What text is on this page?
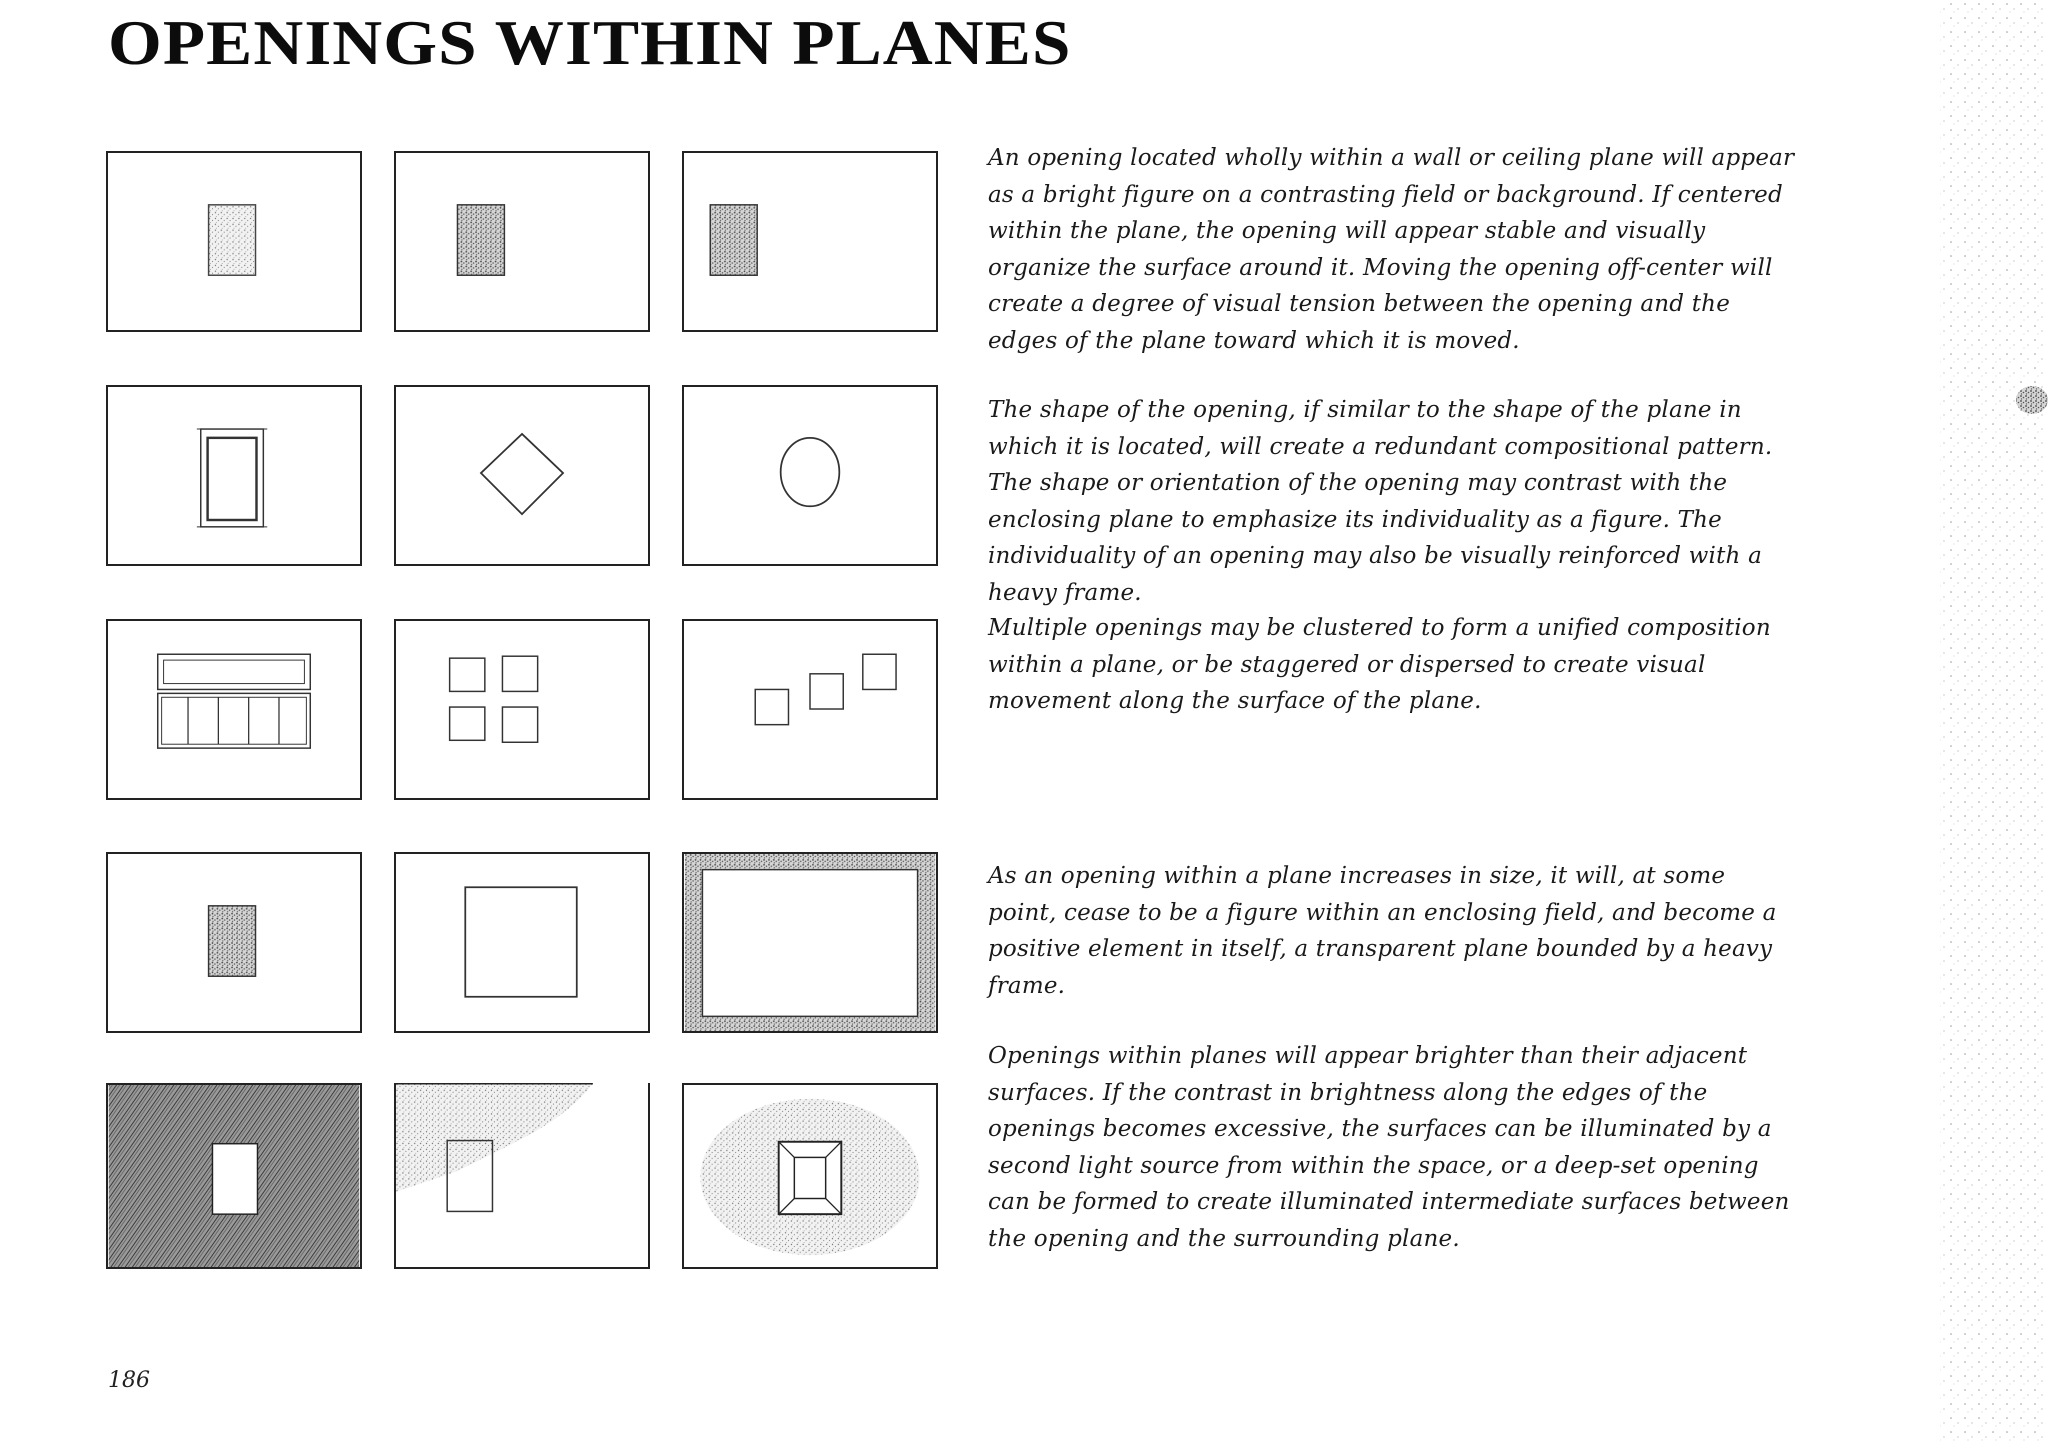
OPENINGS WITHIN PLANES

An opening located wholly within a wall or ceiling plane will appear as a bright figure on a contrasting field or background. If centered within the plane, the opening will appear stable and visually organize the surface around it. Moving the opening off-center will create a degree of visual tension between the opening and the edges of the plane toward which it is moved.

The shape of the opening, if similar to the shape of the plane in which it is located, will create a redundant compositional pattern. The shape or orientation of the opening may contrast with the enclosing plane to emphasize its individuality as a figure. The individuality of an opening may also be visually reinforced with a heavy frame.

Multiple openings may be clustered to form a unified composition within a plane, or be staggered or dispersed to create visual movement along the surface of the plane.

As an opening within a plane increases in size, it will, at some point, cease to be a figure within an enclosing field, and become a positive element in itself, a transparent plane bounded by a heavy frame.

Openings within planes will appear brighter than their adjacent surfaces. If the contrast in brightness along the edges of the openings becomes excessive, the surfaces can be illuminated by a second light source from within the space, or a deep-set opening can be formed to create illuminated intermediate surfaces between the opening and the surrounding plane.

186
